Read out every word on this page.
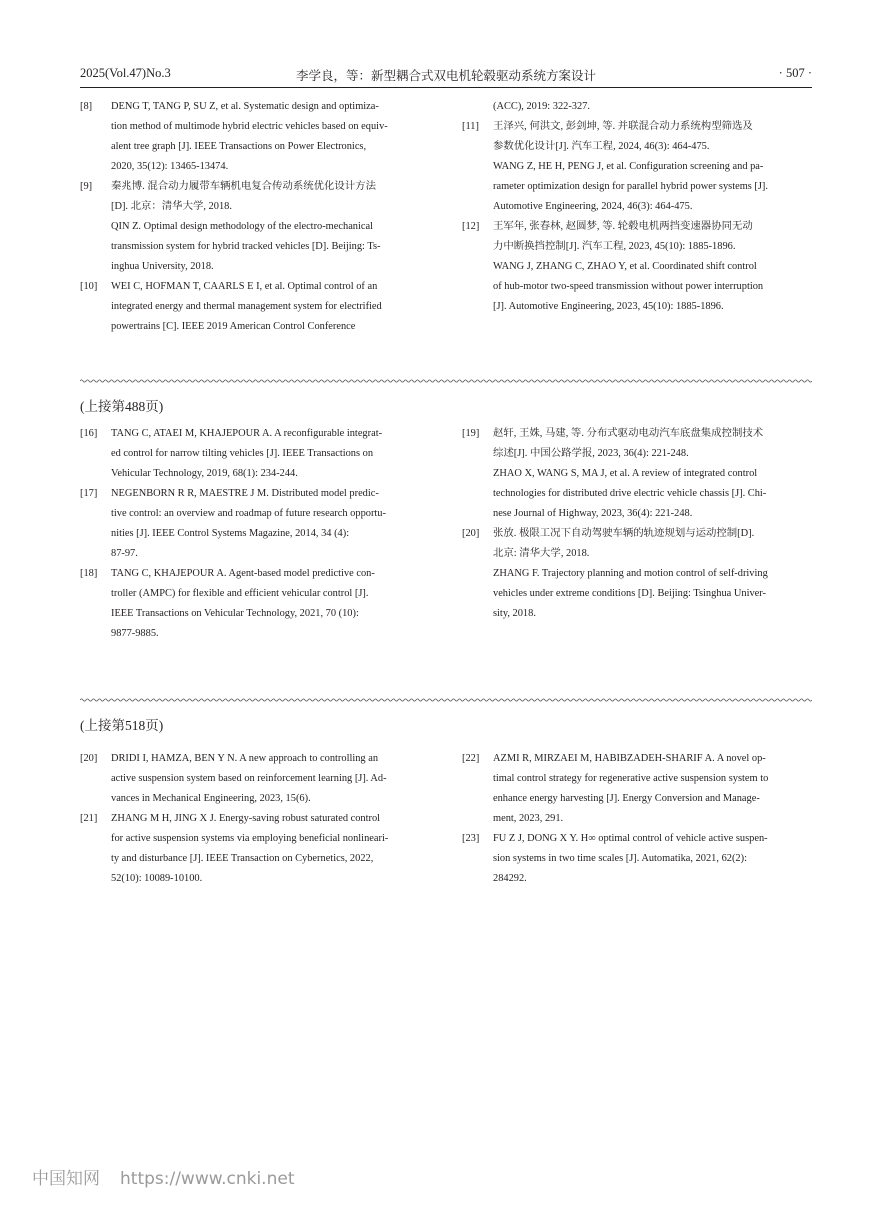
2025(Vol.47)No.3	李学良，等：新型耦合式双电机轮毂驱动系统方案设计	· 507 ·
[8]	DENG T, TANG P, SU Z, et al. Systematic design and optimiza-
tion method of multimode hybrid electric vehicles based on equiv-
alent tree graph [J]. IEEE Transactions on Power Electronics,
2020, 35(12): 13465-13474.
[9]	秦兆博. 混合动力履带车辆机电复合传动系统优化设计方法
[D]. 北京：清华大学, 2018.
QIN Z. Optimal design methodology of the electro-mechanical
transmission system for hybrid tracked vehicles [D]. Beijing: Ts-
inghua University, 2018.
[10]	WEI C, HOFMAN T, CAARLS E I, et al. Optimal control of an
integrated energy and thermal management system for electrified
powertrains [C]. IEEE 2019 American Control Conference
(ACC), 2019: 322-327.
[11]	王泽兴, 何洪文, 彭剑坤, 等. 并联混合动力系统构型筛选及
参数优化设计[J]. 汽车工程, 2024, 46(3): 464-475.
WANG Z, HE H, PENG J, et al. Configuration screening and pa-
rameter optimization design for parallel hybrid power systems [J].
Automotive Engineering, 2024, 46(3): 464-475.
[12]	王军年, 张春林, 赵圆梦, 等. 轮毂电机两挡变速器协同无动
力中断换挡控制[J]. 汽车工程, 2023, 45(10): 1885-1896.
WANG J, ZHANG C, ZHAO Y, et al. Coordinated shift control
of hub-motor two-speed transmission without power interruption
[J]. Automotive Engineering, 2023, 45(10): 1885-1896.
(上接第488页)
[16]	TANG C, ATAEI M, KHAJEPOUR A. A reconfigurable integrat-
ed control for narrow tilting vehicles [J]. IEEE Transactions on
Vehicular Technology, 2019, 68(1): 234-244.
[17]	NEGENBORN R R, MAESTRE J M. Distributed model predic-
tive control: an overview and roadmap of future research opportu-
nities [J]. IEEE Control Systems Magazine, 2014, 34 (4):
87-97.
[18]	TANG C, KHAJEPOUR A. Agent-based model predictive con-
troller (AMPC) for flexible and efficient vehicular control [J].
IEEE Transactions on Vehicular Technology, 2021, 70 (10):
9877-9885.
[19]	赵轩, 王姝, 马建, 等. 分布式驱动电动汽车底盘集成控制技术
综述[J]. 中国公路学报, 2023, 36(4): 221-248.
ZHAO X, WANG S, MA J, et al. A review of integrated control
technologies for distributed drive electric vehicle chassis [J]. Chi-
nese Journal of Highway, 2023, 36(4): 221-248.
[20]	张放. 极限工况下自动驾驶车辆的轨迹规划与运动控制[D].
北京: 清华大学, 2018.
ZHANG F. Trajectory planning and motion control of self-driving
vehicles under extreme conditions [D]. Beijing: Tsinghua Univer-
sity, 2018.
(上接第518页)
[20]	DRIDI I, HAMZA, BEN Y N. A new approach to controlling an
active suspension system based on reinforcement learning [J]. Ad-
vances in Mechanical Engineering, 2023, 15(6).
[21]	ZHANG M H, JING X J. Energy-saving robust saturated control
for active suspension systems via employing beneficial nonlineari-
ty and disturbance [J]. IEEE Transaction on Cybernetics, 2022,
52(10): 10089-10100.
[22]	AZMI R, MIRZAEI M, HABIBZADEH-SHARIF A. A novel op-
timal control strategy for regenerative active suspension system to
enhance energy harvesting [J]. Energy Conversion and Manage-
ment, 2023, 291.
[23]	FU Z J, DONG X Y. H∞ optimal control of vehicle active suspen-
sion systems in two time scales [J]. Automatika, 2021, 62(2):
284292.
中国知网 https://www.cnki.net
